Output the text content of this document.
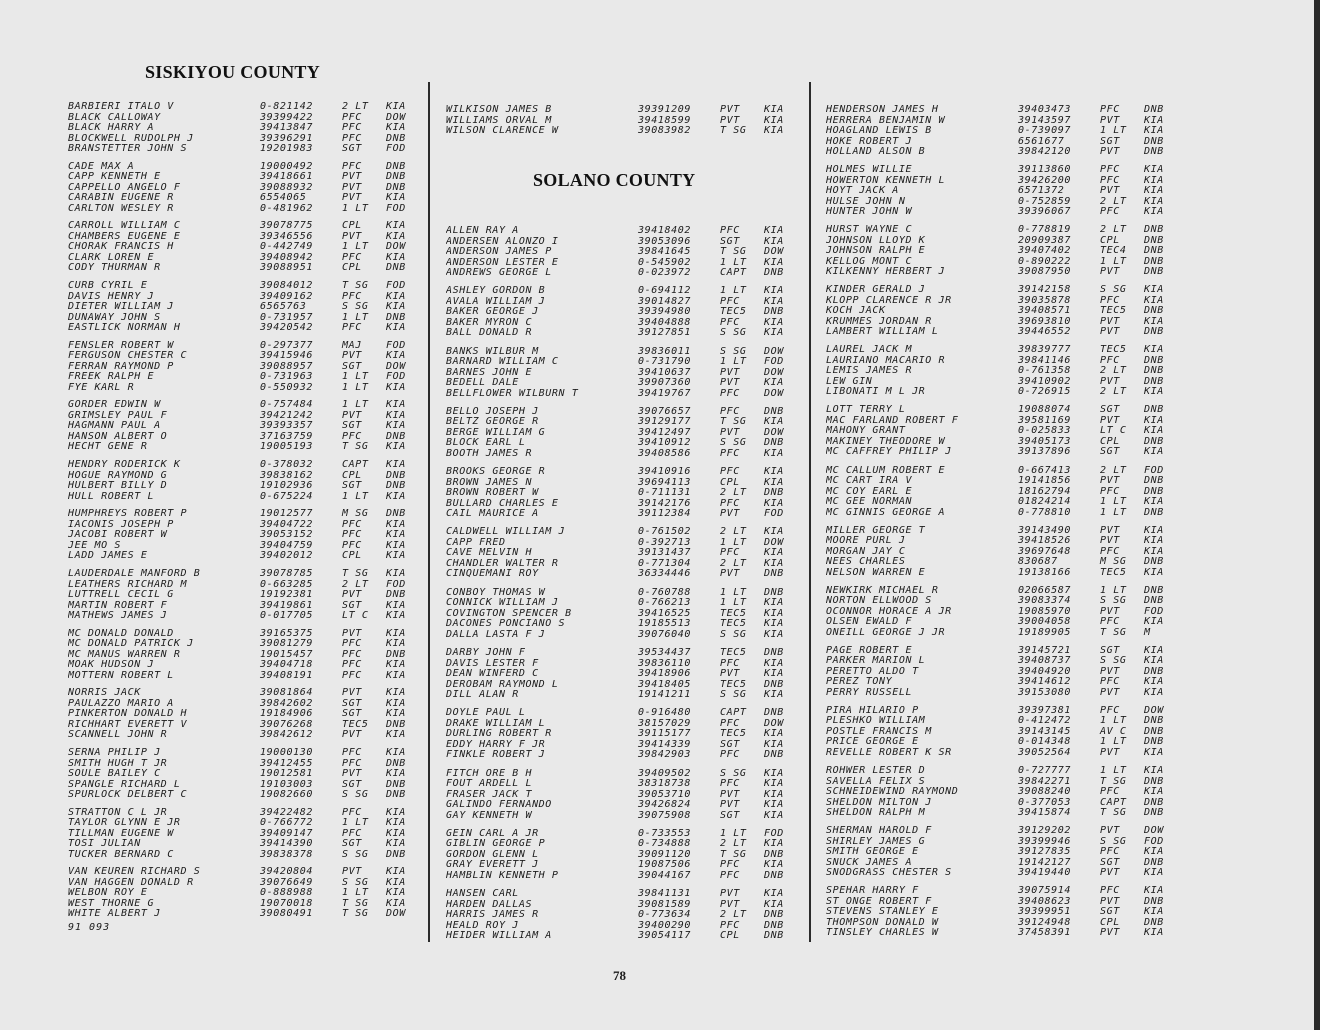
SISKIYOU COUNTY
SOLANO COUNTY
BARBIERI ITALO V	0-821142	2 LT	KIA
BLACK CALLOWAY	39399422	PFC	DOW
BLACK HARRY A	39413847	PFC	KIA
BLOCKWELL RUDOLPH J	39396291	PFC	DNB
BRANSTETTER JOHN S	19201983	SGT	FOD
CADE MAX A	19000492	PFC	DNB
CAPP KENNETH E	39418661	PVT	DNB
CAPPELLO ANGELO F	39088932	PVT	DNB
CARABIN EUGENE R	6554065	PVT	KIA
CARLTON WESLEY R	0-481962	1 LT	FOD
CARROLL WILLIAM C	39078775	CPL	KIA
CHAMBERS EUGENE E	39346556	PVT	KIA
CHORAK FRANCIS H	0-442749	1 LT	DOW
CLARK LOREN E	39408942	PFC	KIA
CODY THURMAN R	39088951	CPL	DNB
CURB CYRIL E	39084012	T SG	FOD
DAVIS HENRY J	39409162	PFC	KIA
DIETER WILLIAM J	6565763	S SG	KIA
DUNAWAY JOHN S	0-731957	1 LT	DNB
EASTLICK NORMAN H	39420542	PFC	KIA
FENSLER ROBERT W	0-297377	MAJ	FOD
FERGUSON CHESTER C	39415946	PVT	KIA
FERRAN RAYMOND P	39088957	SGT	DOW
FREEK RALPH E	0-731963	1 LT	FOD
FYE KARL R	0-550932	1 LT	KIA
GORDER EDWIN W	0-757484	1 LT	KIA
GRIMSLEY PAUL F	39421242	PVT	KIA
HAGMANN PAUL A	39393357	SGT	KIA
HANSON ALBERT O	37163759	PFC	DNB
HECHT GENE R	19005193	T SG	KIA
HENDRY RODERICK K	0-378032	CAPT	KIA
HOGUE RAYMOND G	39838162	CPL	DNB
HULBERT BILLY D	19102936	SGT	DNB
HULL ROBERT L	0-675224	1 LT	KIA
HUMPHREYS ROBERT P	19012577	M SG	DNB
IACONIS JOSEPH P	39404722	PFC	KIA
JACOBI ROBERT W	39053152	PFC	KIA
JEE MO S	39404759	PFC	KIA
LADD JAMES E	39402012	CPL	KIA
LAUDERDALE MANFORD B	39078785	T SG	KIA
LEATHERS RICHARD M	0-663285	2 LT	FOD
LUTTRELL CECIL G	19192381	PVT	DNB
MARTIN ROBERT F	39419861	SGT	KIA
MATHEWS JAMES J	0-017705	LT C	KIA
MC DONALD DONALD	39165375	PVT	KIA
MC DONALD PATRICK J	39081279	PFC	KIA
MC MANUS WARREN R	19015457	PFC	DNB
MOAK HUDSON J	39404718	PFC	KIA
MOTTERN ROBERT L	39408191	PFC	KIA
NORRIS JACK	39081864	PVT	KIA
PAULAZZO MARIO A	39842602	SGT	KIA
PINKERTON DONALD H	19184906	SGT	KIA
RICHHART EVERETT V	39076268	TEC5	DNB
SCANNELL JOHN R	39842612	PVT	KIA
SERNA PHILIP J	19000130	PFC	KIA
SMITH HUGH T JR	39412455	PFC	DNB
SOULE BAILEY C	19012581	PVT	KIA
SPANGLE RICHARD L	19103003	SGT	DNB
SPURLOCK DELBERT C	19082660	S SG	DNB
STRATTON C L JR	39422482	PFC	KIA
TAYLOR GLYNN E JR	0-766772	1 LT	KIA
TILLMAN EUGENE W	39409147	PFC	KIA
TOSI JULIAN	39414390	SGT	KIA
TUCKER BERNARD C	39838378	S SG	DNB
VAN KEUREN RICHARD S	39420804	PVT	KIA
VAN HAGGEN DONALD R	39076649	S SG	KIA
WELBON ROY E	0-888988	1 LT	KIA
WEST THORNE G	19070018	T SG	KIA
WHITE ALBERT J	39080491	T SG	DOW
WILKISON JAMES B	39391209	PVT	KIA
WILLIAMS ORVAL M	39418599	PVT	KIA
WILSON CLARENCE W	39083982	T SG	KIA
ALLEN RAY A	39418402	PFC	KIA
ANDERSEN ALONZO I	39053096	SGT	KIA
ANDERSON JAMES P	39841645	T SG	DOW
ANDERSON LESTER E	0-545902	1 LT	KIA
ANDREWS GEORGE L	0-023972	CAPT	DNB
ASHLEY GORDON B	0-694112	1 LT	KIA
AVALA WILLIAM J	39014827	PFC	KIA
BAKER GEORGE J	39394980	TEC5	DNB
BAKER MYRON C	39404888	PFC	KIA
BALL DONALD R	39127851	S SG	KIA
BANKS WILBUR M	39836011	S SG	DOW
BARNARD WILLIAM C	0-731790	1 LT	FOD
BARNES JOHN E	39410637	PVT	DOW
BEDELL DALE	39907360	PVT	KIA
BELLFLOWER WILBURN T	39419767	PFC	DOW
BELLO JOSEPH J	39076657	PFC	DNB
BELTZ GEORGE R	39129177	T SG	KIA
BERGE WILLIAM G	39412497	PVT	DOW
BLOCK EARL L	39410912	S SG	DNB
BOOTH JAMES R	39408586	PFC	KIA
BROOKS GEORGE R	39410916	PFC	KIA
BROWN JAMES N	39694113	CPL	KIA
BROWN ROBERT W	0-711131	2 LT	DNB
BULLARD CHARLES E	39142176	PFC	KIA
CAIL MAURICE A	39112384	PVT	FOD
CALDWELL WILLIAM J	0-761502	2 LT	KIA
CAPP FRED	0-392713	1 LT	DOW
CAVE MELVIN H	39131437	PFC	KIA
CHANDLER WALTER R	0-771304	2 LT	KIA
CINQUEMANI ROY	36334446	PVT	DNB
CONBOY THOMAS W	0-760788	1 LT	DNB
CONNICK WILLIAM J	0-766213	1 LT	KIA
COVINGTON SPENCER B	39416525	TEC5	KIA
DACONES PONCIANO S	19185513	TEC5	KIA
DALLA LASTA F J	39076040	S SG	KIA
DARBY JOHN F	39534437	TEC5	DNB
DAVIS LESTER F	39836110	PFC	KIA
DEAN WINFERD C	39418906	PVT	KIA
DEROBAM RAYMOND L	39418405	TEC5	DNB
DILL ALAN R	19141211	S SG	KIA
DOYLE PAUL L	0-916480	CAPT	DNB
DRAKE WILLIAM L	38157029	PFC	DOW
DURLING ROBERT R	39115177	TEC5	KIA
EDDY HARRY F JR	39414339	SGT	KIA
FINKLE ROBERT J	39842903	PFC	DNB
FITCH ORE B H	39409502	S SG	KIA
FOUT ARDELL L	38318738	PFC	KIA
FRASER JACK T	39053710	PVT	KIA
GALINDO FERNANDO	39426824	PVT	KIA
GAY KENNETH W	39075908	SGT	KIA
GEIN CARL A JR	0-733553	1 LT	FOD
GIBLIN GEORGE P	0-734888	2 LT	KIA
GORDON GLENN L	39091120	T SG	DNB
GRAY EVERETT J	19087506	PFC	KIA
HAMBLIN KENNETH P	39044167	PFC	DNB
HANSEN CARL	39841131	PVT	KIA
HARDEN DALLAS	39081589	PVT	KIA
HARRIS JAMES R	0-773634	2 LT	DNB
HEALD ROY J	39400290	PFC	DNB
HEIDER WILLIAM A	39054117	CPL	DNB
HENDERSON JAMES H	39403473	PFC	DNB
HERRERA BENJAMIN W	39143597	PVT	KIA
HOAGLAND LEWIS B	0-739097	1 LT	KIA
HOKE ROBERT J	6561677	SGT	DNB
HOLLAND ALSON B	39842120	PVT	DNB
HOLMES WILLIE	39113860	PFC	KIA
HOWERTON KENNETH L	39426200	PFC	KIA
HOYT JACK A	6571372	PVT	KIA
HULSE JOHN N	0-752859	2 LT	KIA
HUNTER JOHN W	39396067	PFC	KIA
HURST WAYNE C	0-778819	2 LT	DNB
JOHNSON LLOYD K	20909387	CPL	DNB
JOHNSON RALPH E	39407402	TEC4	DNB
KELLOG MONT C	0-890222	1 LT	DNB
KILKENNY HERBERT J	39087950	PVT	DNB
KINDER GERALD J	39142158	S SG	KIA
KLOPP CLARENCE R JR	39035878	PFC	KIA
KOCH JACK	39408571	TEC5	DNB
KRUMMES JORDAN R	39693810	PVT	KIA
LAMBERT WILLIAM L	39446552	PVT	DNB
LAUREL JACK M	39839777	TEC5	KIA
LAURIANO MACARIO R	39841146	PFC	DNB
LEMIS JAMES R	0-761358	2 LT	DNB
LEW GIN	39410902	PVT	DNB
LIBONATI M L JR	0-726915	2 LT	KIA
LOTT TERRY L	19088074	SGT	DNB
MAC FARLAND ROBERT F	39581169	PVT	KIA
MAHONY GRANT	0-025833	LT C	KIA
MAKINEY THEODORE W	39405173	CPL	DNB
MC CAFFREY PHILIP J	39137896	SGT	KIA
MC CALLUM ROBERT E	0-667413	2 LT	FOD
MC CART IRA V	19141856	PVT	DNB
MC COY EARL E	18162794	PFC	DNB
MC GEE NORMAN	01824214	1 LT	KIA
MC GINNIS GEORGE A	0-778810	1 LT	DNB
MILLER GEORGE T	39143490	PVT	KIA
MOORE PURL J	39418526	PVT	KIA
MORGAN JAY C	39697648	PFC	KIA
NEES CHARLES	830687	M SG	DNB
NELSON WARREN E	19138166	TEC5	KIA
NEWKIRK MICHAEL R	02066587	1 LT	DNB
NORTON ELLWOOD S	39083374	S SG	DNB
OCONNOR HORACE A JR	19085970	PVT	FOD
OLSEN EWALD F	39004058	PFC	KIA
ONEILL GEORGE J JR	19189905	T SG	M
PAGE ROBERT E	39145721	SGT	KIA
PARKER MARION L	39408737	S SG	KIA
PERETTO ALDO T	39404920	PVT	DNB
PEREZ TONY	39414612	PFC	KIA
PERRY RUSSELL	39153080	PVT	KIA
PIRA HILARIO P	39397381	PFC	DOW
PLESHKO WILLIAM	0-412472	1 LT	DNB
POSTLE FRANCIS M	39143145	AV C	DNB
PRICE GEORGE E	0-014348	1 LT	DNB
REVELLE ROBERT K SR	39052564	PVT	KIA
ROHWER LESTER D	0-727777	1 LT	KIA
SAVELLA FELIX S	39842271	T SG	DNB
SCHNEIDEWIND RAYMOND	39088240	PFC	KIA
SHELDON MILTON J	0-377053	CAPT	DNB
SHELDON RALPH M	39415874	T SG	DNB
SHERMAN HAROLD F	39129202	PVT	DOW
SHIRLEY JAMES G	39399946	S SG	FOD
SMITH GEORGE E	39127835	PFC	KIA
SNUCK JAMES A	19142127	SGT	DNB
SNODGRASS CHESTER S	39419440	PVT	KIA
SPEHAR HARRY F	39075914	PFC	KIA
ST ONGE ROBERT F	39408623	PVT	DNB
STEVENS STANLEY E	39399951	SGT	KIA
THOMPSON DONALD W	39124948	CPL	DNB
TINSLEY CHARLES W	37458391	PVT	KIA
91 093
78
